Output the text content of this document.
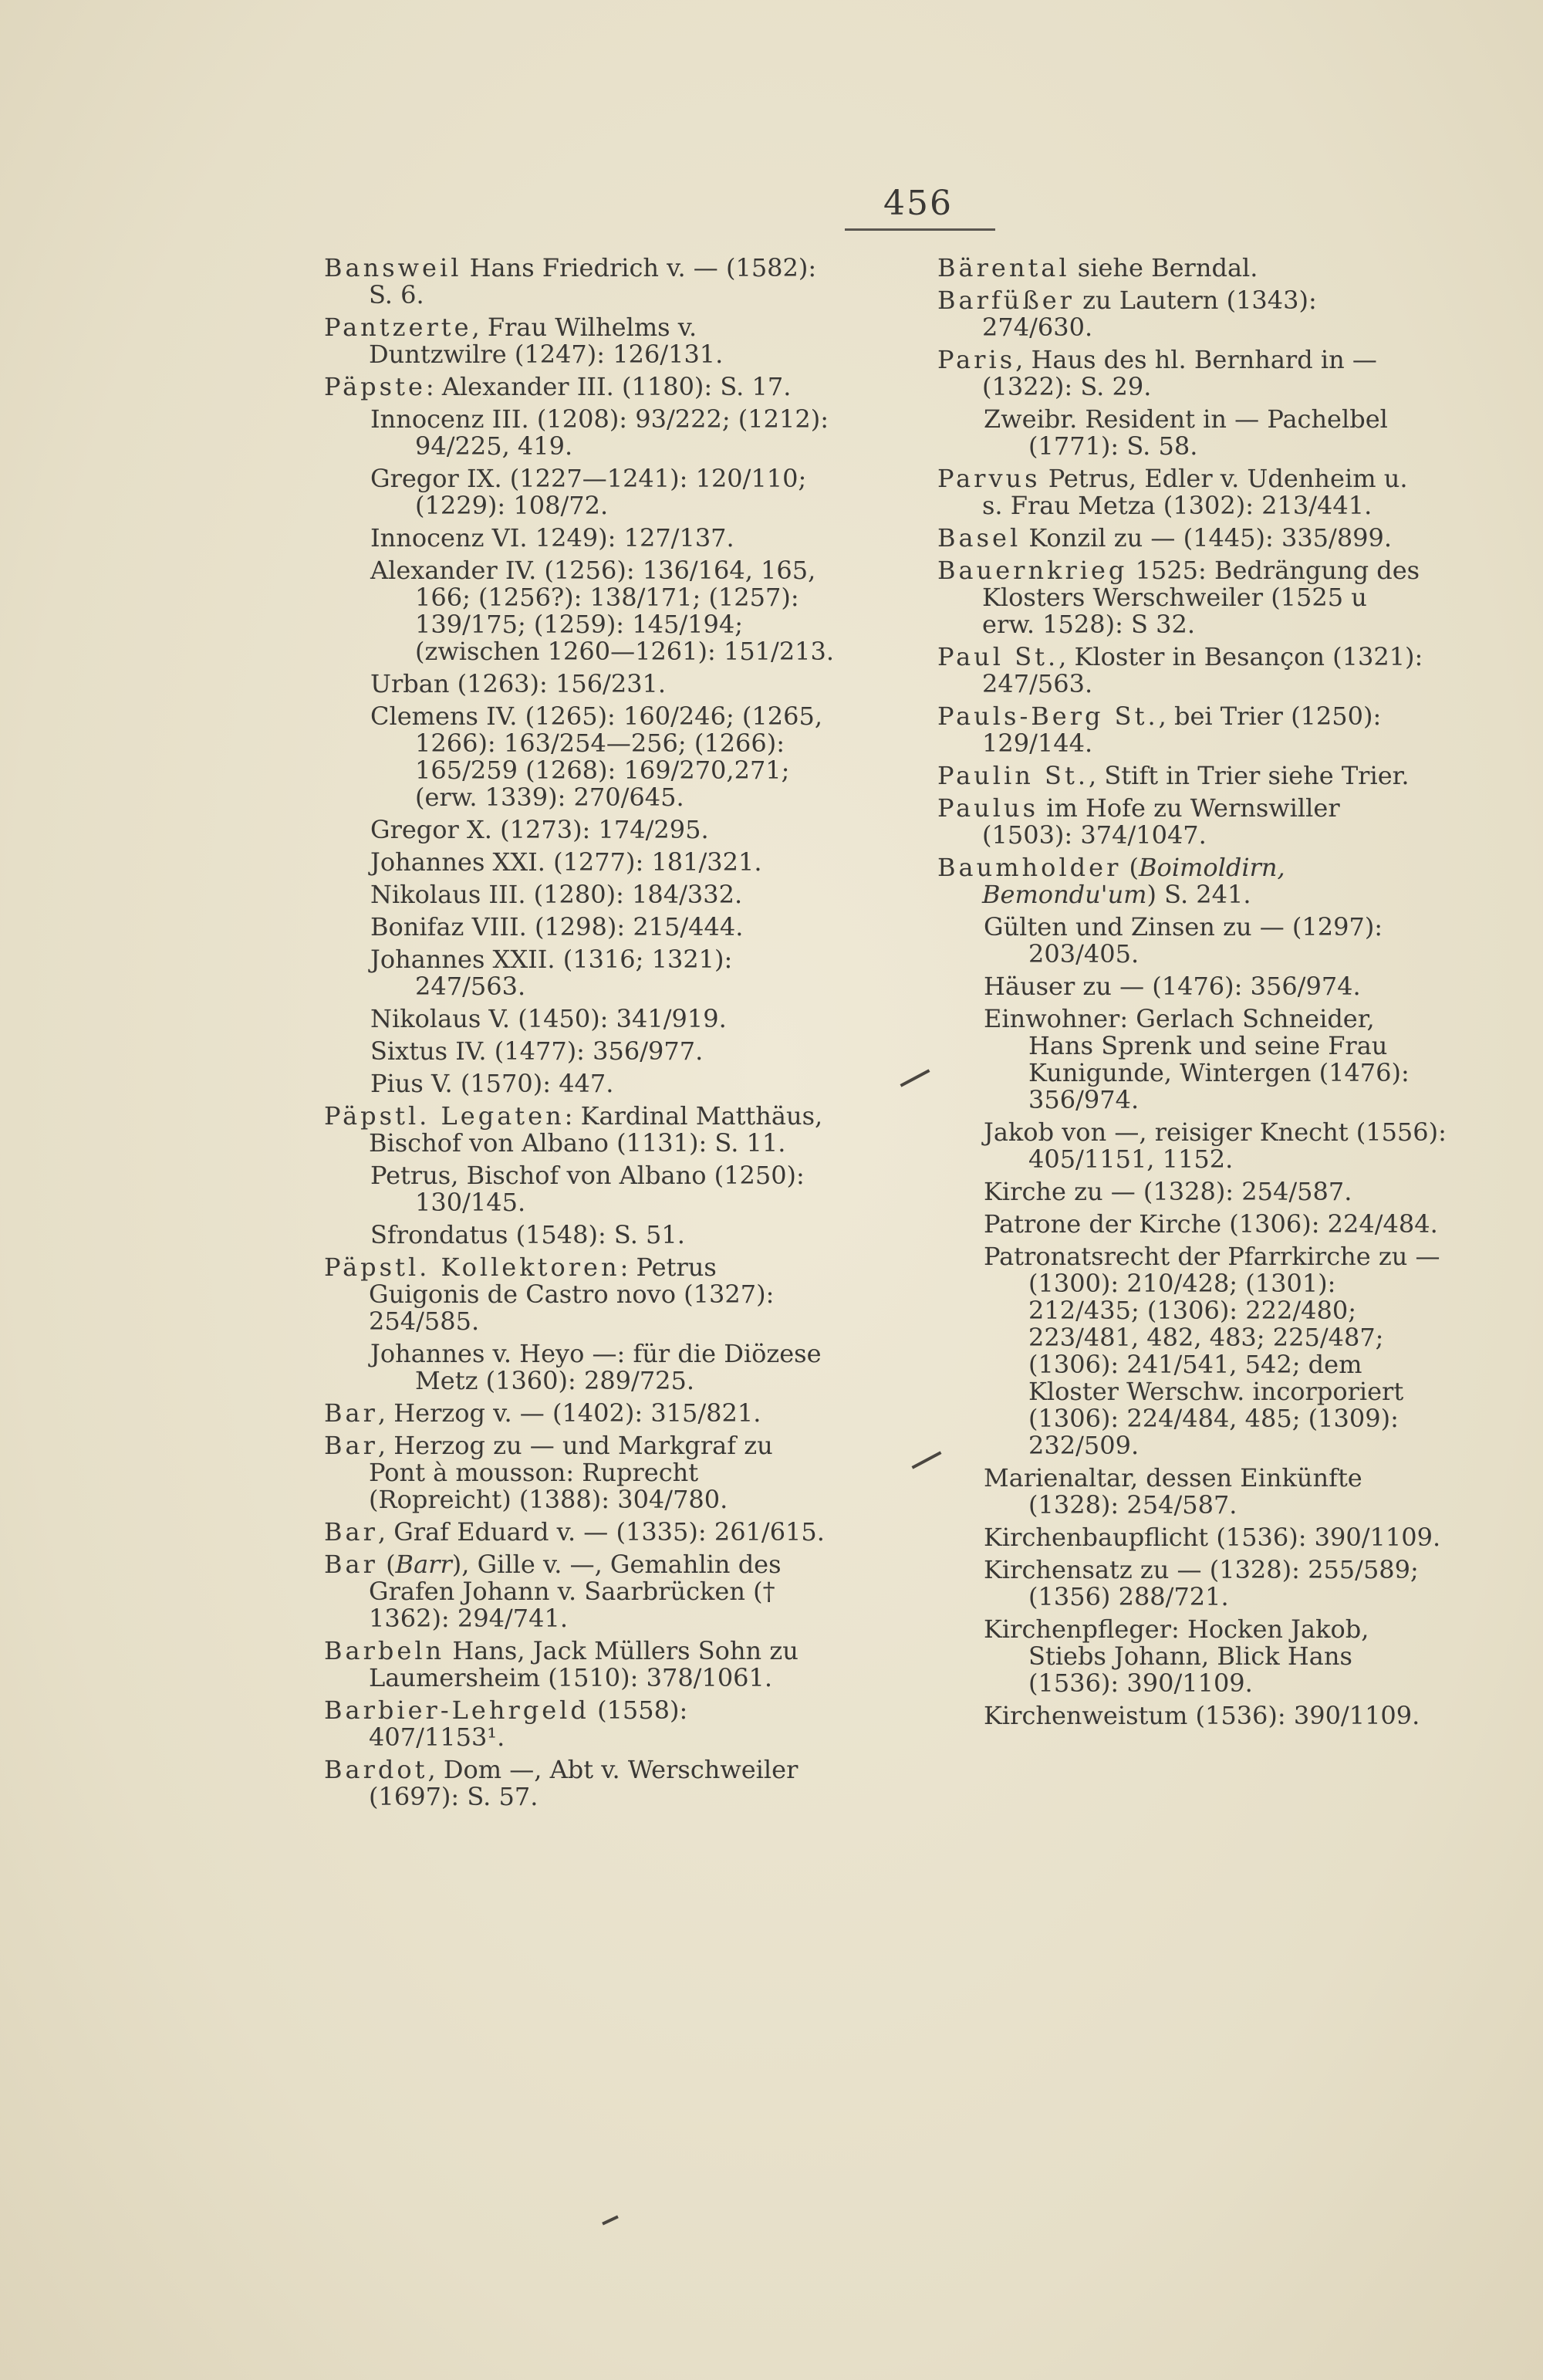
456
Bansweil Hans Friedrich v. — (1582): S. 6.
Pantzerte, Frau Wilhelms v. Duntzwilre (1247): 126/131.
Päpste: Alexander III. (1180): S. 17.
Innocenz III. (1208): 93/222; (1212): 94/225, 419.
Gregor IX. (1227—1241): 120/110; (1229): 108/72.
Innocenz VI. 1249): 127/137.
Alexander IV. (1256): 136/164, 165, 166; (1256?): 138/171; (1257): 139/175; (1259): 145/194; (zwischen 1260—1261): 151/213.
Urban (1263): 156/231.
Clemens IV. (1265): 160/246; (1265, 1266): 163/254—256; (1266): 165/259 (1268): 169/270,271; (erw. 1339): 270/645.
Gregor X. (1273): 174/295.
Johannes XXI. (1277): 181/321.
Nikolaus III. (1280): 184/332.
Bonifaz VIII. (1298): 215/444.
Johannes XXII. (1316; 1321): 247/563.
Nikolaus V. (1450): 341/919.
Sixtus IV. (1477): 356/977.
Pius V. (1570): 447.
Päpstl. Legaten: Kardinal Matthäus, Bischof von Albano (1131): S. 11.
Petrus, Bischof von Albano (1250): 130/145.
Sfrondatus (1548): S. 51.
Päpstl. Kollektoren: Petrus Guigonis de Castro novo (1327): 254/585.
Johannes v. Heyo —: für die Diözese Metz (1360): 289/725.
Bar, Herzog v. — (1402): 315/821.
Bar, Herzog zu — und Markgraf zu Pont à mousson: Ruprecht (Ropreicht) (1388): 304/780.
Bar, Graf Eduard v. — (1335): 261/615.
Bar (Barr), Gille v. —, Gemahlin des Grafen Johann v. Saarbrücken († 1362): 294/741.
Barbeln Hans, Jack Müllers Sohn zu Laumersheim (1510): 378/1061.
Barbier-Lehrgeld (1558): 407/1153¹.
Bardot, Dom —, Abt v. Werschweiler (1697): S. 57.
Bärental siehe Berndal.
Barfüßer zu Lautern (1343): 274/630.
Paris, Haus des hl. Bernhard in — (1322): S. 29.
Zweibr. Resident in — Pachelbel (1771): S. 58.
Parvus Petrus, Edler v. Udenheim u. s. Frau Metza (1302): 213/441.
Basel Konzil zu — (1445): 335/899.
Bauernkrieg 1525: Bedrängung des Klosters Werschweiler (1525 u erw. 1528): S 32.
Paul St., Kloster in Besançon (1321): 247/563.
Pauls-Berg St., bei Trier (1250): 129/144.
Paulin St., Stift in Trier siehe Trier.
Paulus im Hofe zu Wernswiller (1503): 374/1047.
Baumholder (Boimoldirn, Bemondu'um) S. 241.
Gülten und Zinsen zu — (1297): 203/405.
Häuser zu — (1476): 356/974.
Einwohner: Gerlach Schneider, Hans Sprenk und seine Frau Kunigunde, Wintergen (1476): 356/974.
Jakob von —, reisiger Knecht (1556): 405/1151, 1152.
Kirche zu — (1328): 254/587.
Patrone der Kirche (1306): 224/484.
Patronatsrecht der Pfarrkirche zu — (1300): 210/428; (1301): 212/435; (1306): 222/480; 223/481, 482, 483; 225/487; (1306): 241/541, 542; dem Kloster Werschw. incorporiert (1306): 224/484, 485; (1309): 232/509.
Marienaltar, dessen Einkünfte (1328): 254/587.
Kirchenbaupflicht (1536): 390/1109.
Kirchensatz zu — (1328): 255/589; (1356) 288/721.
Kirchenpfleger: Hocken Jakob, Stiebs Johann, Blick Hans (1536): 390/1109.
Kirchenweistum (1536): 390/1109.
